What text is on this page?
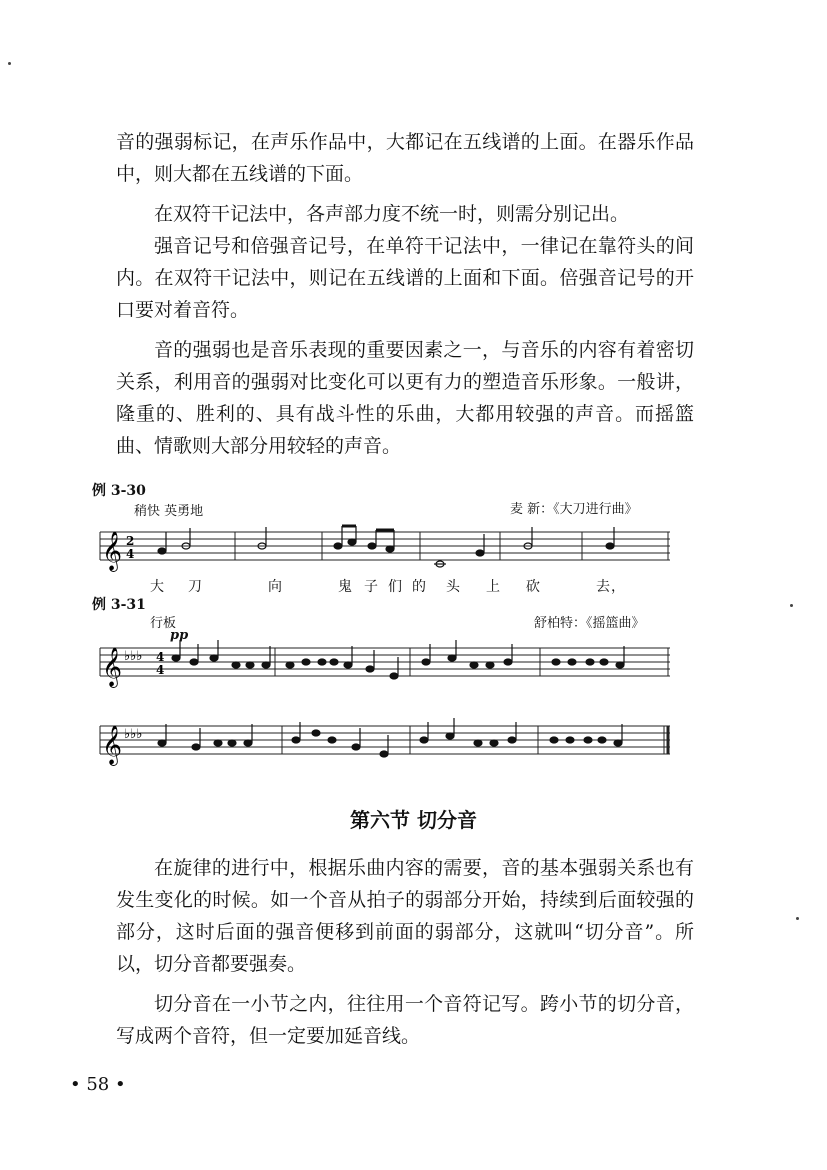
音的强弱标记，在声乐作品中，大都记在五线谱的上面。在器乐作品中，则大都在五线谱的下面。

在双符干记法中，各声部力度不统一时，则需分别记出。

强音记号和倍强音记号，在单符干记法中，一律记在靠符头的间内。在双符干记法中，则记在五线谱的上面和下面。倍强音记号的开口要对着音符。

音的强弱也是音乐表现的重要因素之一，与音乐的内容有着密切关系，利用音的强弱对比变化可以更有力的塑造音乐形象。一般讲，隆重的、胜利的、具有战斗性的乐曲，大都用较强的声音。而摇篮曲、情歌则大部分用较轻的声音。

例 3-30
稍快 英勇地	麦 新：《大刀进行曲》
𝄞 2
4
大 刀	向	鬼 子 们 的 头 上 砍	去，
例 3-31
行板	舒柏特：《摇篮曲》
pp
𝄞 ♭♭♭ 4
4
𝄞 ♭♭♭
第六节 切分音

在旋律的进行中，根据乐曲内容的需要，音的基本强弱关系也有发生变化的时候。如一个音从拍子的弱部分开始，持续到后面较强的部分，这时后面的强音便移到前面的弱部分，这就叫“切分音”。所以，切分音都要强奏。

切分音在一小节之内，往往用一个音符记写。跨小节的切分音，写成两个音符，但一定要加延音线。

• 58 •
